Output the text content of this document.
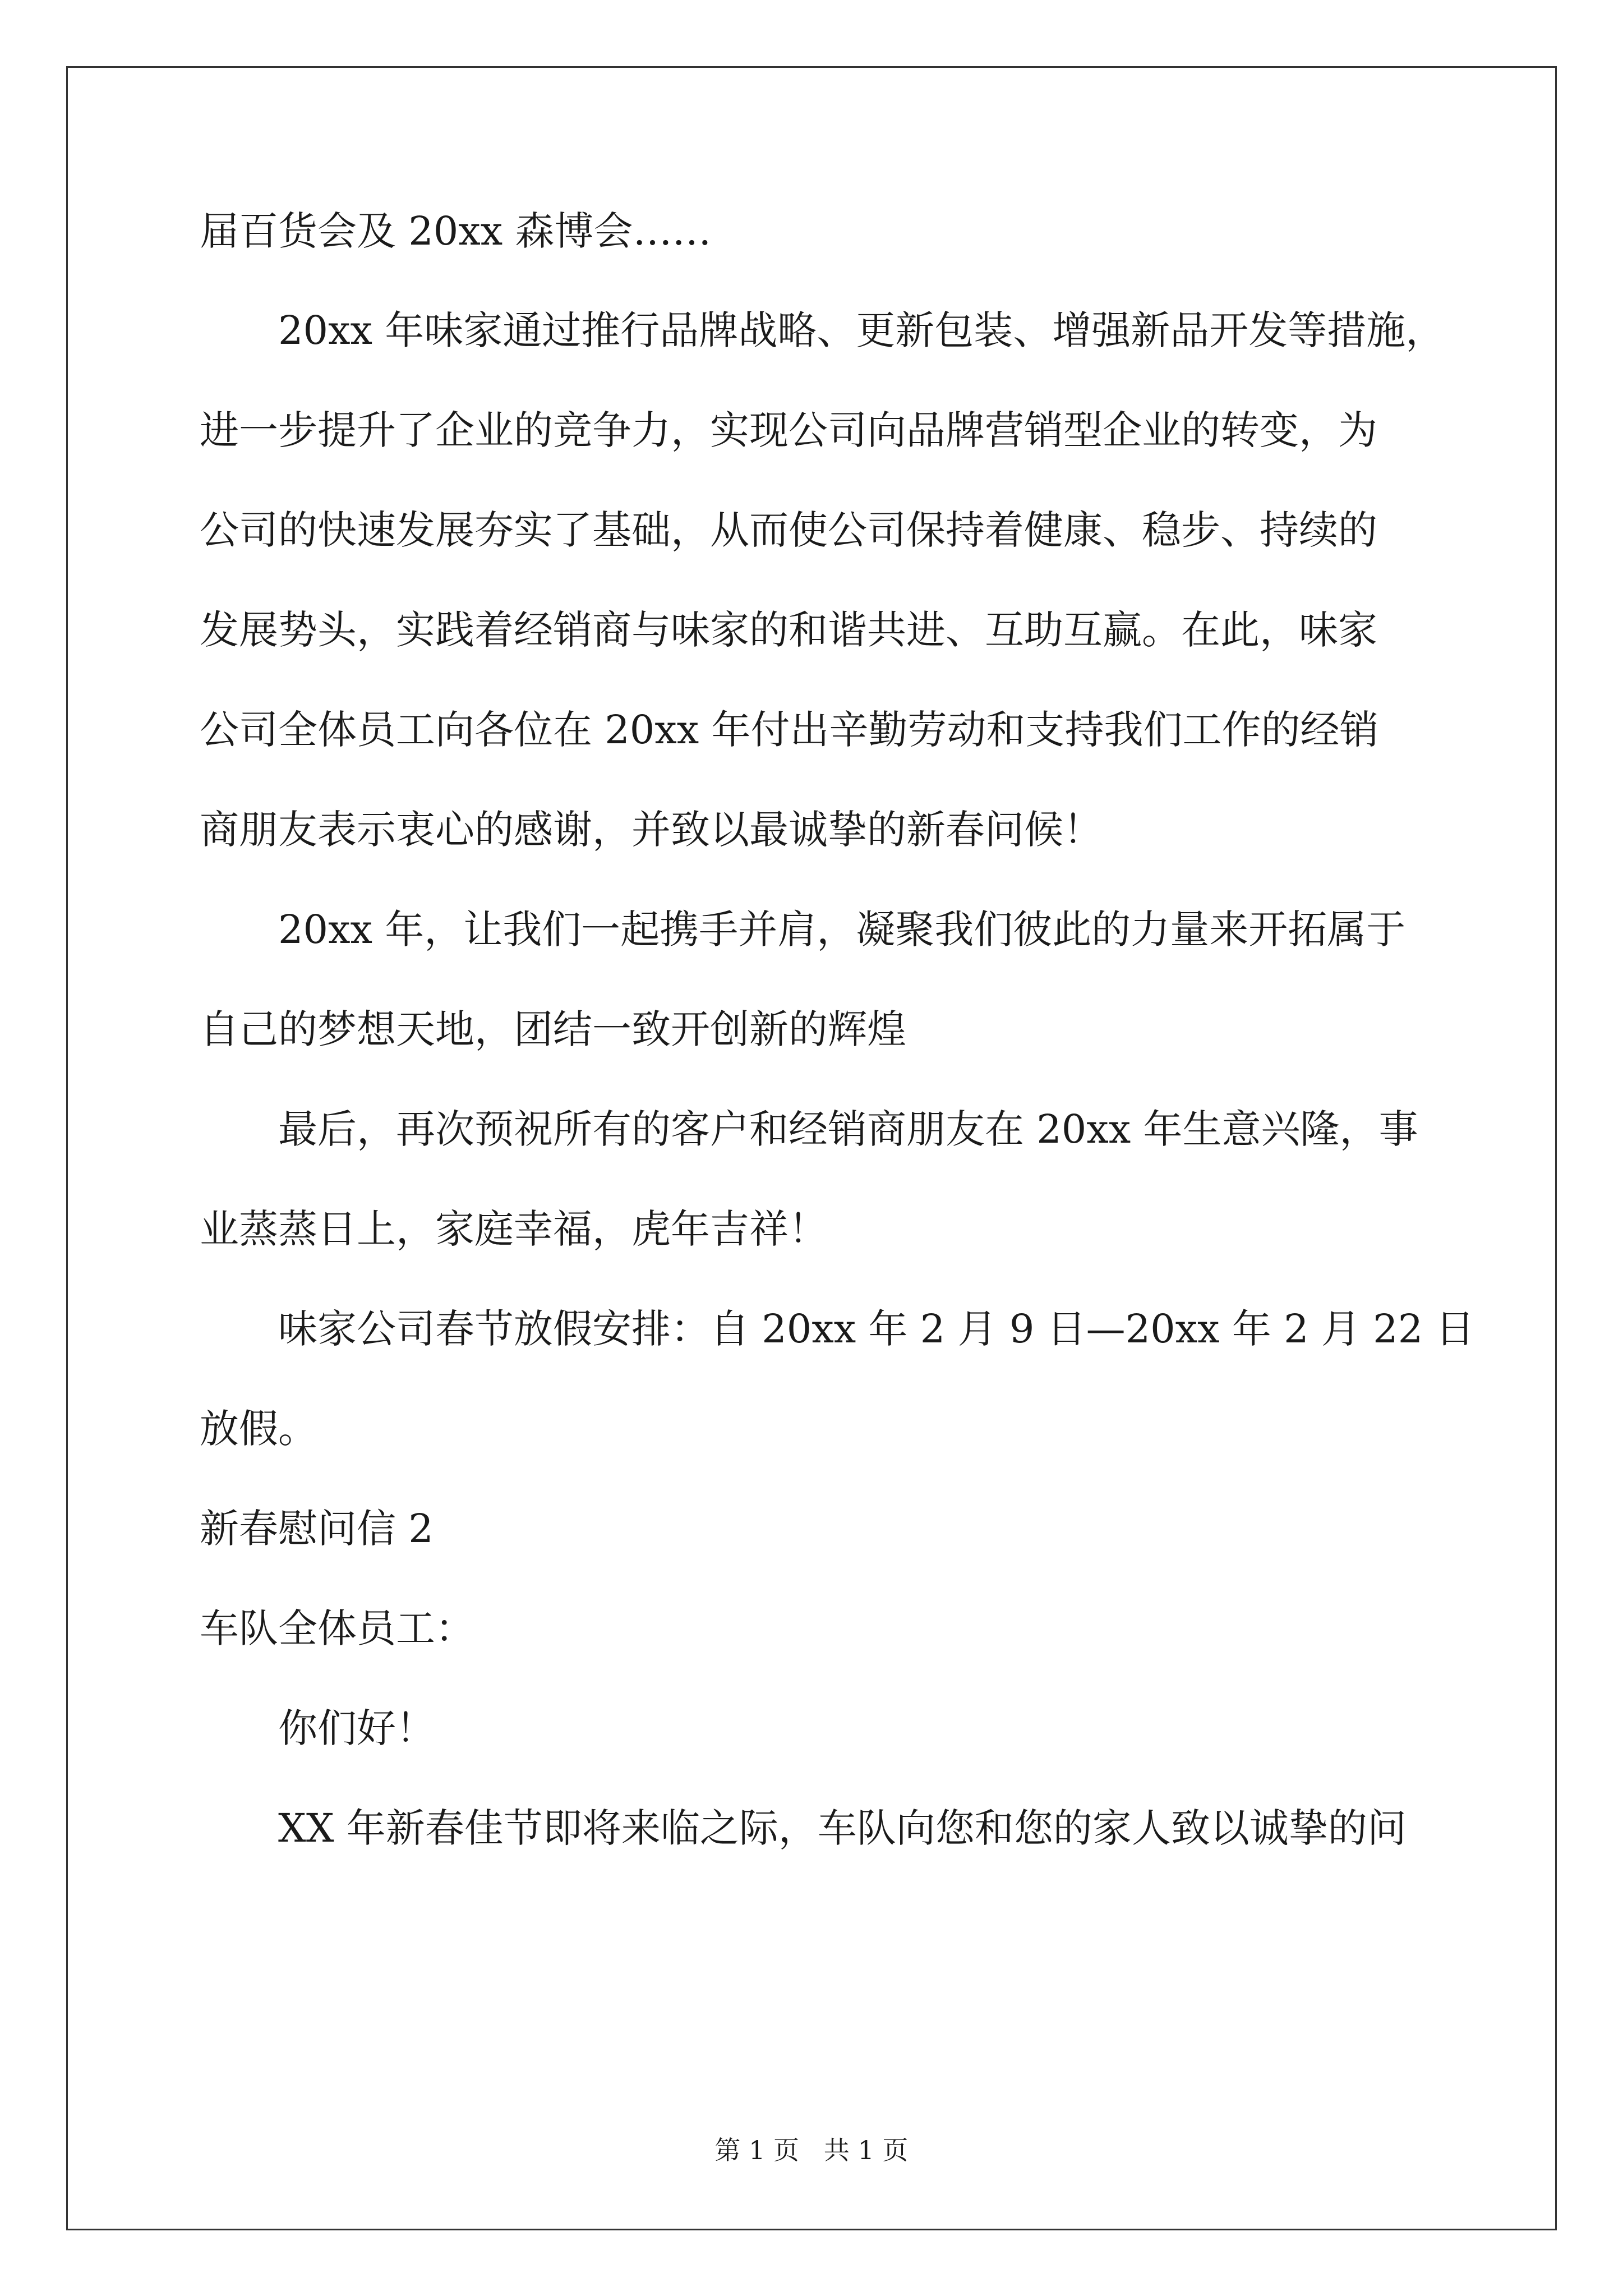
届百货会及 20xx 森博会……
20xx 年味家通过推行品牌战略、更新包装、增强新品开发等措施，
进一步提升了企业的竞争力，实现公司向品牌营销型企业的转变，为
公司的快速发展夯实了基础，从而使公司保持着健康、稳步、持续的
发展势头，实践着经销商与味家的和谐共进、互助互赢。在此，味家
公司全体员工向各位在 20xx 年付出辛勤劳动和支持我们工作的经销
商朋友表示衷心的感谢，并致以最诚挚的新春问候！
20xx 年，让我们一起携手并肩，凝聚我们彼此的力量来开拓属于
自己的梦想天地，团结一致开创新的辉煌
最后，再次预祝所有的客户和经销商朋友在 20xx 年生意兴隆，事
业蒸蒸日上，家庭幸福，虎年吉祥！
味家公司春节放假安排：自 20xx 年 2 月 9 日—20xx 年 2 月 22 日
放假。
新春慰问信 2
车队全体员工：
你们好！
XX 年新春佳节即将来临之际，车队向您和您的家人致以诚挚的问
第 1 页   共 1 页
